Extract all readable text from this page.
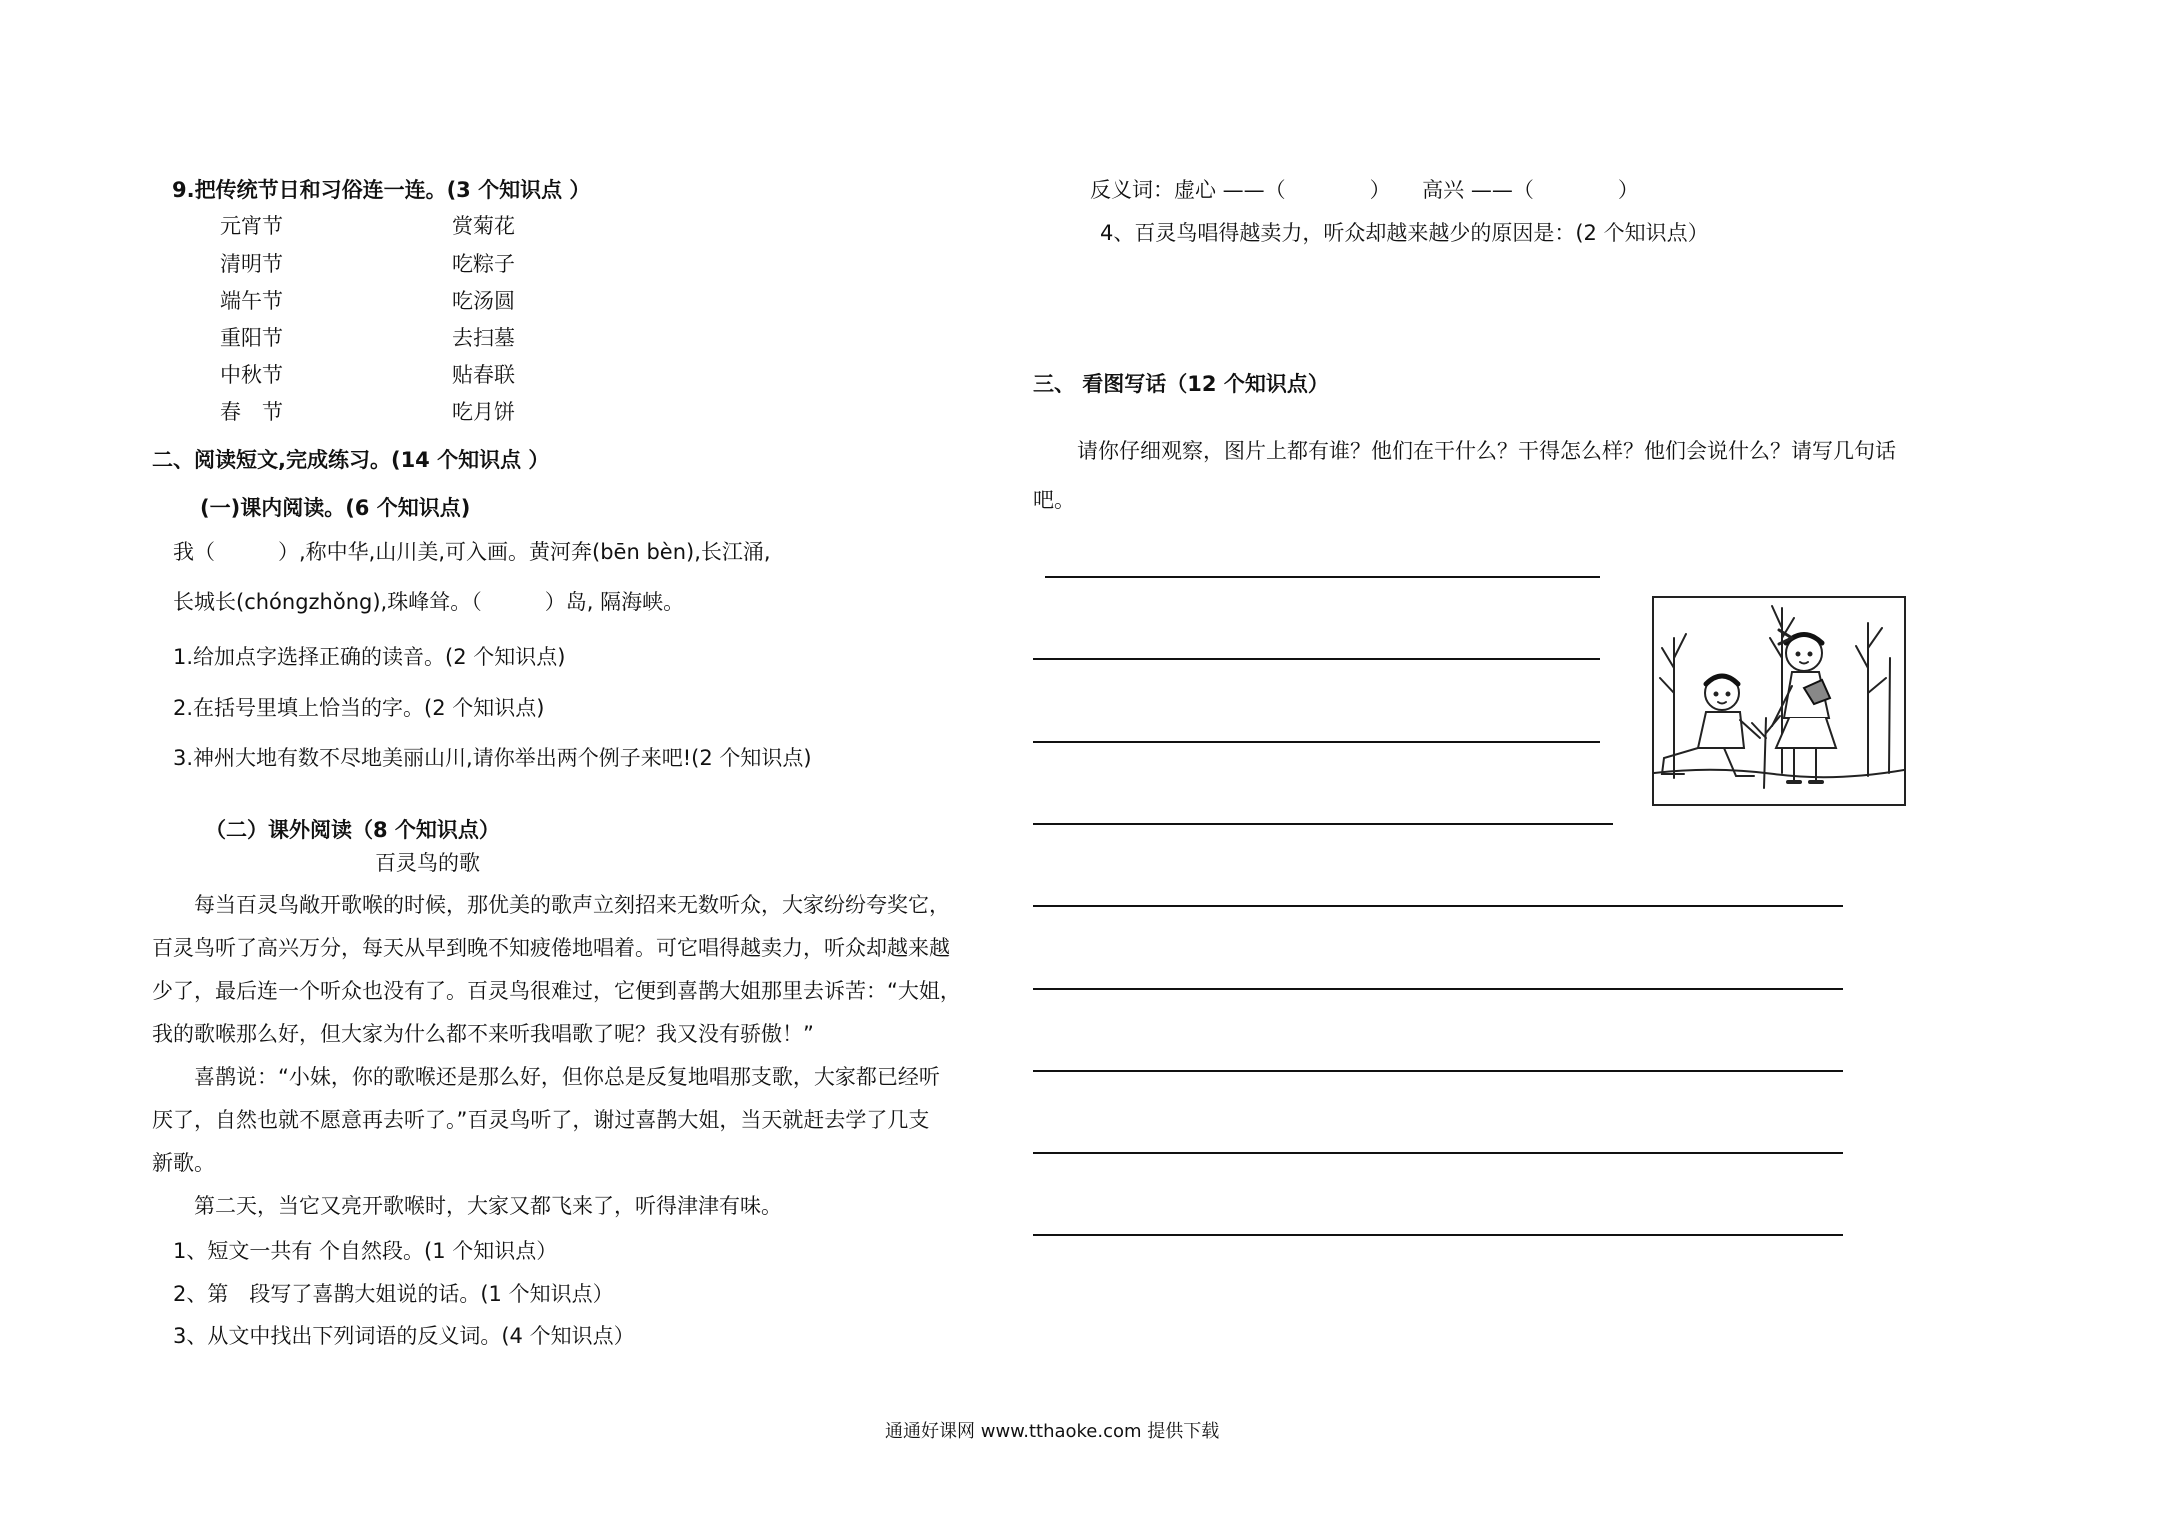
9.把传统节日和习俗连一连。(3 个知识点 ）
元宵节	赏菊花
清明节	吃粽子
端午节	吃汤圆
重阳节	去扫墓
中秋节	贴春联
春　节	吃月饼
二、阅读短文,完成练习。(14 个知识点 ）
(一)课内阅读。(6 个知识点)
我（　　　）,称中华,山川美,可入画。黄河奔(bēn bèn),长江涌,
长城长(chóngzhǒng),珠峰耸。（　　　）岛, 隔海峡。
1.给加点字选择正确的读音。(2 个知识点)
2.在括号里填上恰当的字。(2 个知识点)
3.神州大地有数不尽地美丽山川,请你举出两个例子来吧!(2 个知识点)
（二）课外阅读（8 个知识点）
百灵鸟的歌
　　每当百灵鸟敞开歌喉的时候，那优美的歌声立刻招来无数听众，大家纷纷夸奖它，
百灵鸟听了高兴万分，每天从早到晚不知疲倦地唱着。可它唱得越卖力，听众却越来越
少了，最后连一个听众也没有了。百灵鸟很难过，它便到喜鹊大姐那里去诉苦：“大姐，
我的歌喉那么好，但大家为什么都不来听我唱歌了呢？我又没有骄傲！”
　　喜鹊说：“小妹，你的歌喉还是那么好，但你总是反复地唱那支歌，大家都已经听
厌了，自然也就不愿意再去听了。”百灵鸟听了，谢过喜鹊大姐，当天就赶去学了几支
新歌。
　　第二天，当它又亮开歌喉时，大家又都飞来了，听得津津有味。
1、短文一共有 个自然段。(1 个知识点）
2、第　段写了喜鹊大姐说的话。(1 个知识点）
3、从文中找出下列词语的反义词。(4 个知识点）
反义词：虚心 ——（　　　　）　　高兴 ——（　　　　）
4、百灵鸟唱得越卖力，听众却越来越少的原因是：(2 个知识点）
三、 看图写话（12 个知识点）
请你仔细观察，图片上都有谁？他们在干什么？干得怎么样？他们会说什么？请写几句话
吧。
通通好课网 www.tthaoke.com 提供下载
